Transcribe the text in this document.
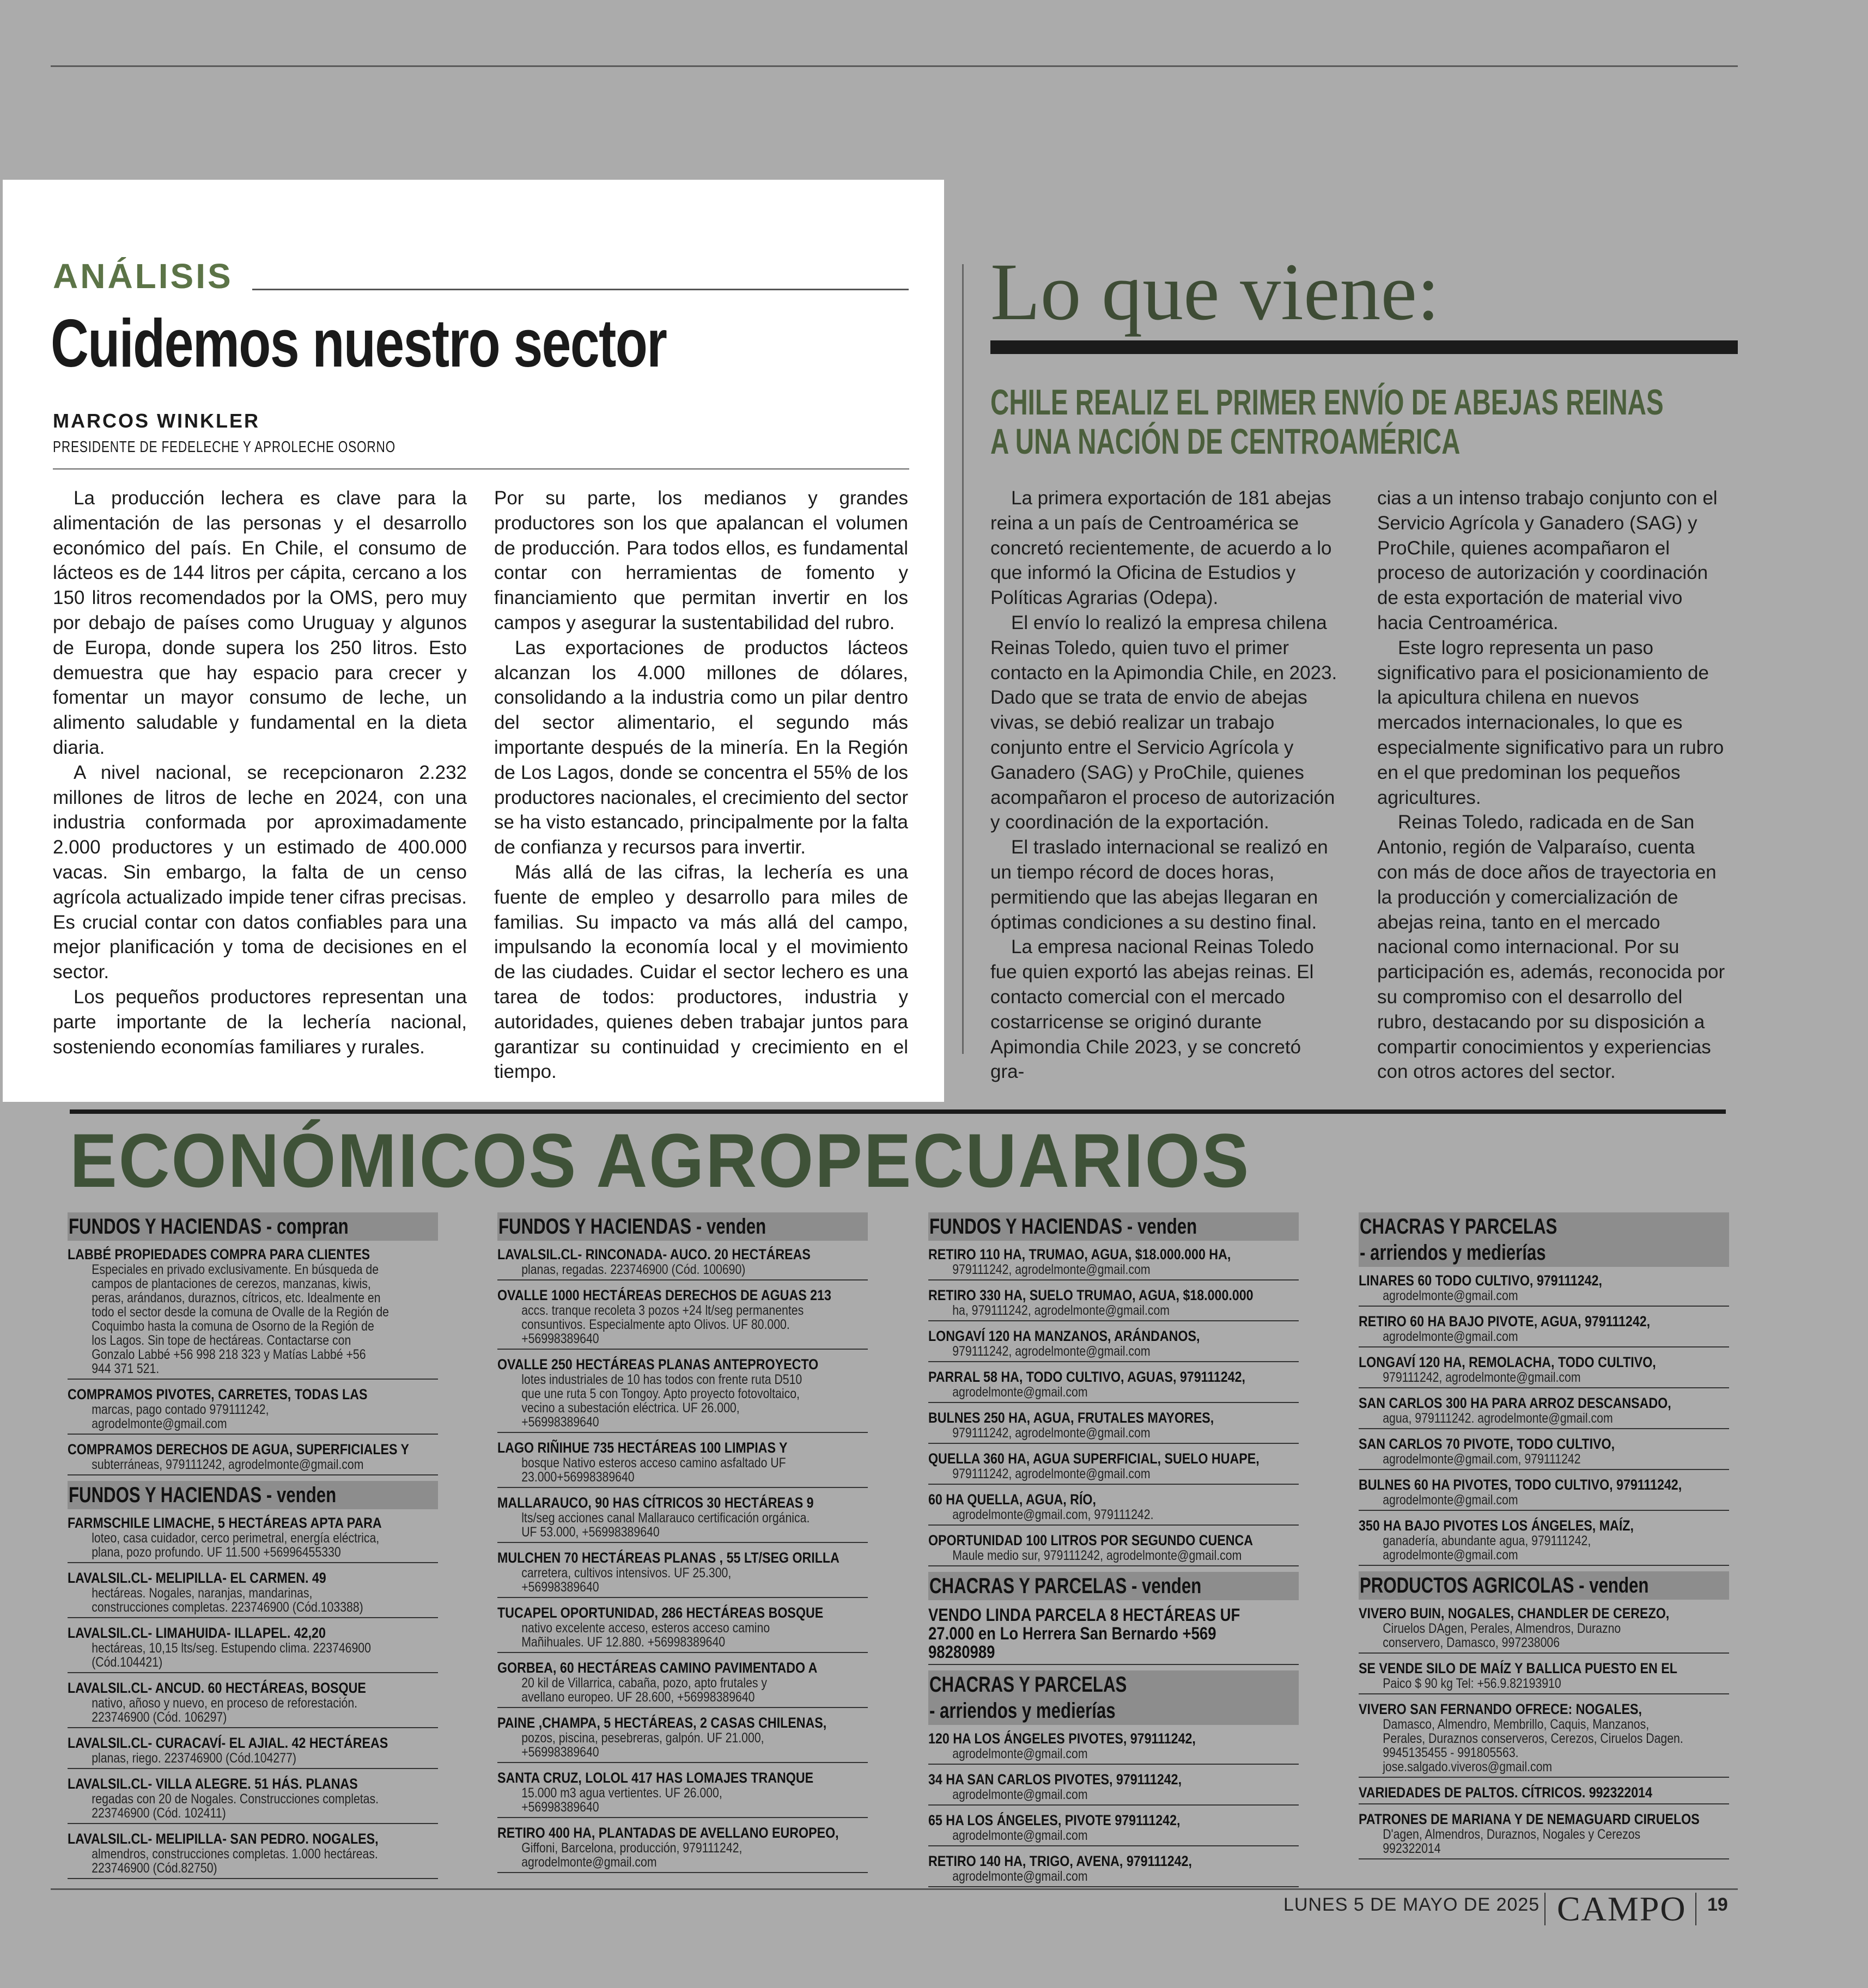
ANÁLISIS
Cuidemos nuestro sector
MARCOS WINKLER
PRESIDENTE DE FEDELECHE Y APROLECHE OSORNO

La producción lechera es clave para la alimentación de las personas y el desarrollo económico del país. En Chile, el consumo de lácteos es de 144 litros per cápita, cercano a los 150 litros recomendados por la OMS, pero muy por debajo de países como Uruguay y algunos de Europa, donde supera los 250 litros. Esto demuestra que hay espacio para crecer y fomentar un mayor consumo de leche, un alimento saludable y fundamental en la dieta diaria.

A nivel nacional, se recepcionaron 2.232 millones de litros de leche en 2024, con una industria conformada por aproximadamente 2.000 productores y un estimado de 400.000 vacas. Sin embargo, la falta de un censo agrícola actualizado impide tener cifras precisas. Es crucial contar con datos confiables para una mejor planificación y toma de decisiones en el sector.

Los pequeños productores representan una parte importante de la lechería nacional, sosteniendo economías familiares y rurales.

Por su parte, los medianos y grandes productores son los que apalancan el volumen de producción. Para todos ellos, es fundamental contar con herramientas de fomento y financiamiento que permitan invertir en los campos y asegurar la sustentabilidad del rubro.

Las exportaciones de productos lácteos alcanzan los 4.000 millones de dólares, consolidando a la industria como un pilar dentro del sector alimentario, el segundo más importante después de la minería. En la Región de Los Lagos, donde se concentra el 55% de los productores nacionales, el crecimiento del sector se ha visto estancado, principalmente por la falta de confianza y recursos para invertir.

Más allá de las cifras, la lechería es una fuente de empleo y desarrollo para miles de familias. Su impacto va más allá del campo, impulsando la economía local y el movimiento de las ciudades. Cuidar el sector lechero es una tarea de todos: productores, industria y autoridades, quienes deben trabajar juntos para garantizar su continuidad y crecimiento en el tiempo.

Lo que viene:
CHILE REALIZ EL PRIMER ENVÍO DE ABEJAS REINAS
A UNA NACIÓN DE CENTROAMÉRICA

La primera exportación de 181 abejas reina a un país de Centroamérica se concretó recientemente, de acuerdo a lo que informó la Oficina de Estudios y Políticas Agrarias (Odepa).

El envío lo realizó la empresa chilena Reinas Toledo, quien tuvo el primer contacto en la Apimondia Chile, en 2023. Dado que se trata de envio de abejas vivas, se debió realizar un trabajo conjunto entre el Servicio Agrícola y Ganadero (SAG) y ProChile, quienes acompañaron el proceso de autorización y coordinación de la exportación.

El traslado internacional se realizó en un tiempo récord de doces horas, permitiendo que las abejas llegaran en óptimas condiciones a su destino final.

La empresa nacional Reinas Toledo fue quien exportó las abejas reinas. El contacto comercial con el mercado costarricense se originó durante Apimondia Chile 2023, y se concretó gra-

cias a un intenso trabajo conjunto con el Servicio Agrícola y Ganadero (SAG) y ProChile, quienes acompañaron el proceso de autorización y coordinación de esta exportación de material vivo hacia Centroamérica.

Este logro representa un paso significativo para el posicionamiento de la apicultura chilena en nuevos mercados internacionales, lo que es especialmente significativo para un rubro en el que predominan los pequeños agricultures.

Reinas Toledo, radicada en de San Antonio, región de Valparaíso, cuenta con más de doce años de trayectoria en la producción y comercialización de abejas reina, tanto en el mercado nacional como internacional. Por su participación es, además, reconocida por su compromiso con el desarrollo del rubro, destacando por su disposición a compartir conocimientos y experiencias con otros actores del sector.

ECONÓMICOS AGROPECUARIOS
FUNDOS Y HACIENDAS - compran
LABBÉ PROPIEDADES COMPRA PARA CLIENTES
Especiales en privado exclusivamente. En búsqueda de
campos de plantaciones de cerezos, manzanas, kiwis,
peras, arándanos, duraznos, cítricos, etc. Idealmente en
todo el sector desde la comuna de Ovalle de la Región de
Coquimbo hasta la comuna de Osorno de la Región de
los Lagos. Sin tope de hectáreas. Contactarse con
Gonzalo Labbé +56 998 218 323 y Matías Labbé +56
944 371 521.
COMPRAMOS PIVOTES, CARRETES, TODAS LAS
marcas, pago contado 979111242,
agrodelmonte@gmail.com
COMPRAMOS DERECHOS DE AGUA, SUPERFICIALES Y
subterráneas, 979111242, agrodelmonte@gmail.com
FUNDOS Y HACIENDAS - venden
FARMSCHILE LIMACHE, 5 HECTÁREAS APTA PARA
loteo, casa cuidador, cerco perimetral, energía eléctrica,
plana, pozo profundo. UF 11.500 +56996455330
LAVALSIL.CL- MELIPILLA- EL CARMEN. 49
hectáreas. Nogales, naranjas, mandarinas,
construcciones completas. 223746900 (Cód.103388)
LAVALSIL.CL- LIMAHUIDA- ILLAPEL. 42,20
hectáreas, 10,15 lts/seg. Estupendo clima. 223746900
(Cód.104421)
LAVALSIL.CL- ANCUD. 60 HECTÁREAS, BOSQUE
nativo, añoso y nuevo, en proceso de reforestación.
223746900 (Cód. 106297)
LAVALSIL.CL- CURACAVÍ- EL AJIAL. 42 HECTÁREAS
planas, riego. 223746900 (Cód.104277)
LAVALSIL.CL- VILLA ALEGRE. 51 HÁS. PLANAS
regadas con 20 de Nogales. Construcciones completas.
223746900 (Cód. 102411)
LAVALSIL.CL- MELIPILLA- SAN PEDRO. NOGALES,
almendros, construcciones completas. 1.000 hectáreas.
223746900 (Cód.82750)
FUNDOS Y HACIENDAS - venden
LAVALSIL.CL- RINCONADA- AUCO. 20 HECTÁREAS
planas, regadas. 223746900 (Cód. 100690)
OVALLE 1000 HECTÁREAS DERECHOS DE AGUAS 213
accs. tranque recoleta 3 pozos +24 lt/seg permanentes
consuntivos. Especialmente apto Olivos. UF 80.000.
+56998389640
OVALLE 250 HECTÁREAS PLANAS ANTEPROYECTO
lotes industriales de 10 has todos con frente ruta D510
que une ruta 5 con Tongoy. Apto proyecto fotovoltaico,
vecino a subestación eléctrica. UF 26.000,
+56998389640
LAGO RIÑIHUE 735 HECTÁREAS 100 LIMPIAS Y
bosque Nativo esteros acceso camino asfaltado UF
23.000+56998389640
MALLARAUCO, 90 HAS CÍTRICOS 30 HECTÁREAS 9
lts/seg acciones canal Mallarauco certificación orgánica.
UF 53.000, +56998389640
MULCHEN 70 HECTÁREAS PLANAS , 55 LT/SEG ORILLA
carretera, cultivos intensivos. UF 25.300,
+56998389640
TUCAPEL OPORTUNIDAD, 286 HECTÁREAS BOSQUE
nativo excelente acceso, esteros acceso camino
Mañihuales. UF 12.880. +56998389640
GORBEA, 60 HECTÁREAS CAMINO PAVIMENTADO A
20 kil de Villarrica, cabaña, pozo, apto frutales y
avellano europeo. UF 28.600, +56998389640
PAINE ,CHAMPA, 5 HECTÁREAS, 2 CASAS CHILENAS,
pozos, piscina, pesebreras, galpón. UF 21.000,
+56998389640
SANTA CRUZ, LOLOL 417 HAS LOMAJES TRANQUE
15.000 m3 agua vertientes. UF 26.000,
+56998389640
RETIRO 400 HA, PLANTADAS DE AVELLANO EUROPEO,
Giffoni, Barcelona, producción, 979111242,
agrodelmonte@gmail.com
FUNDOS Y HACIENDAS - venden
RETIRO 110 HA, TRUMAO, AGUA, $18.000.000 HA,
979111242, agrodelmonte@gmail.com
RETIRO 330 HA, SUELO TRUMAO, AGUA, $18.000.000
ha, 979111242, agrodelmonte@gmail.com
LONGAVÍ 120 HA MANZANOS, ARÁNDANOS,
979111242, agrodelmonte@gmail.com
PARRAL 58 HA, TODO CULTIVO, AGUAS, 979111242,
agrodelmonte@gmail.com
BULNES 250 HA, AGUA, FRUTALES MAYORES,
979111242, agrodelmonte@gmail.com
QUELLA 360 HA, AGUA SUPERFICIAL, SUELO HUAPE,
979111242, agrodelmonte@gmail.com
60 HA QUELLA, AGUA, RÍO,
agrodelmonte@gmail.com, 979111242.
OPORTUNIDAD 100 LITROS POR SEGUNDO CUENCA
Maule medio sur, 979111242, agrodelmonte@gmail.com
CHACRAS Y PARCELAS - venden
VENDO LINDA PARCELA 8 HECTÁREAS UF
27.000 en Lo Herrera San Bernardo +569
98280989
CHACRAS Y PARCELAS
- arriendos y medierías
120 HA LOS ÁNGELES PIVOTES, 979111242,
agrodelmonte@gmail.com
34 HA SAN CARLOS PIVOTES, 979111242,
agrodelmonte@gmail.com
65 HA LOS ÁNGELES, PIVOTE 979111242,
agrodelmonte@gmail.com
RETIRO 140 HA, TRIGO, AVENA, 979111242,
agrodelmonte@gmail.com
CHACRAS Y PARCELAS
- arriendos y medierías
LINARES 60 TODO CULTIVO, 979111242,
agrodelmonte@gmail.com
RETIRO 60 HA BAJO PIVOTE, AGUA, 979111242,
agrodelmonte@gmail.com
LONGAVÍ 120 HA, REMOLACHA, TODO CULTIVO,
979111242, agrodelmonte@gmail.com
SAN CARLOS 300 HA PARA ARROZ DESCANSADO,
agua, 979111242. agrodelmonte@gmail.com
SAN CARLOS 70 PIVOTE, TODO CULTIVO,
agrodelmonte@gmail.com, 979111242
BULNES 60 HA PIVOTES, TODO CULTIVO, 979111242,
agrodelmonte@gmail.com
350 HA BAJO PIVOTES LOS ÁNGELES, MAÍZ,
ganadería, abundante agua, 979111242,
agrodelmonte@gmail.com
PRODUCTOS AGRICOLAS - venden
VIVERO BUIN, NOGALES, CHANDLER DE CEREZO,
Ciruelos DAgen, Perales, Almendros, Durazno
conservero, Damasco, 997238006
SE VENDE SILO DE MAÍZ Y BALLICA PUESTO EN EL
Paico $ 90 kg Tel: +56.9.82193910
VIVERO SAN FERNANDO OFRECE: NOGALES,
Damasco, Almendro, Membrillo, Caquis, Manzanos,
Perales, Duraznos conserveros, Cerezos, Ciruelos Dagen.
9945135455 - 991805563.
jose.salgado.viveros@gmail.com
VARIEDADES DE PALTOS. CÍTRICOS. 992322014
PATRONES DE MARIANA Y DE NEMAGUARD CIRUELOS
D'agen, Almendros, Duraznos, Nogales y Cerezos
992322014
LUNES 5 DE MAYO DE 2025 CAMPO 19
